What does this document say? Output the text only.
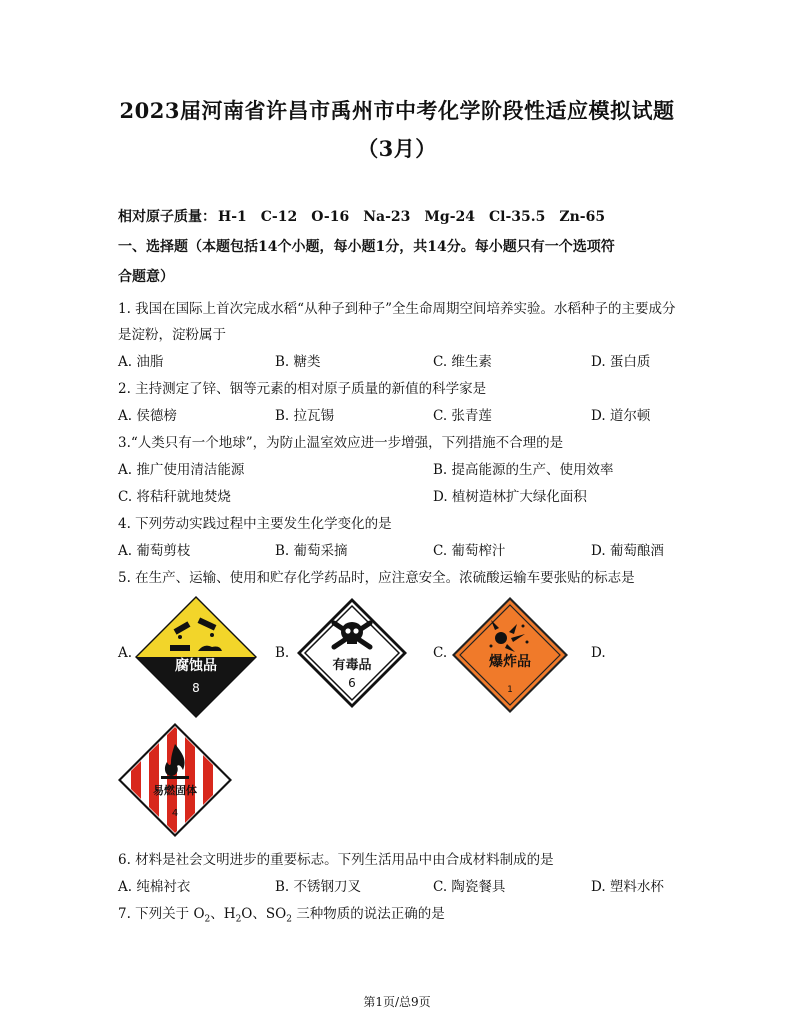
2023届河南省许昌市禹州市中考化学阶段性适应模拟试题
（3月）
相对原子质量： H-1 C-12 O-16 Na-23 Mg-24 Cl-35.5 Zn-65
一、选择题（本题包括14个小题，每小题1分，共14分。每小题只有一个选项符
合题意）
1. 我国在国际上首次完成水稻“从种子到种子”全生命周期空间培养实验。水稻种子的主要成分
是淀粉，淀粉属于
A. 油脂	B. 糖类	C. 维生素	D. 蛋白质
2. 主持测定了锌、铟等元素的相对原子质量的新值的科学家是
A. 侯德榜	B. 拉瓦锡	C. 张青莲	D. 道尔顿
3.“人类只有一个地球”，为防止温室效应进一步增强，下列措施不合理的是
A. 推广使用清洁能源	B. 提高能源的生产、使用效率
C. 将秸秆就地焚烧	D. 植树造林扩大绿化面积
4. 下列劳动实践过程中主要发生化学变化的是
A. 葡萄剪枝	B. 葡萄采摘	C. 葡萄榨汁	D. 葡萄酿酒
5. 在生产、运输、使用和贮存化学药品时，应注意安全。浓硫酸运输车要张贴的标志是
A.	B.	C.	D.
腐蚀品
8
有毒品
6
爆炸品
1
易燃固体
4
6. 材料是社会文明进步的重要标志。下列生活用品中由合成材料制成的是
A. 纯棉衬衣	B. 不锈钢刀叉	C. 陶瓷餐具	D. 塑料水杯
7. 下列关于 $O_2$、$H_2O$、$SO_2$ 三种物质的说法正确的是
第1页/总9页
